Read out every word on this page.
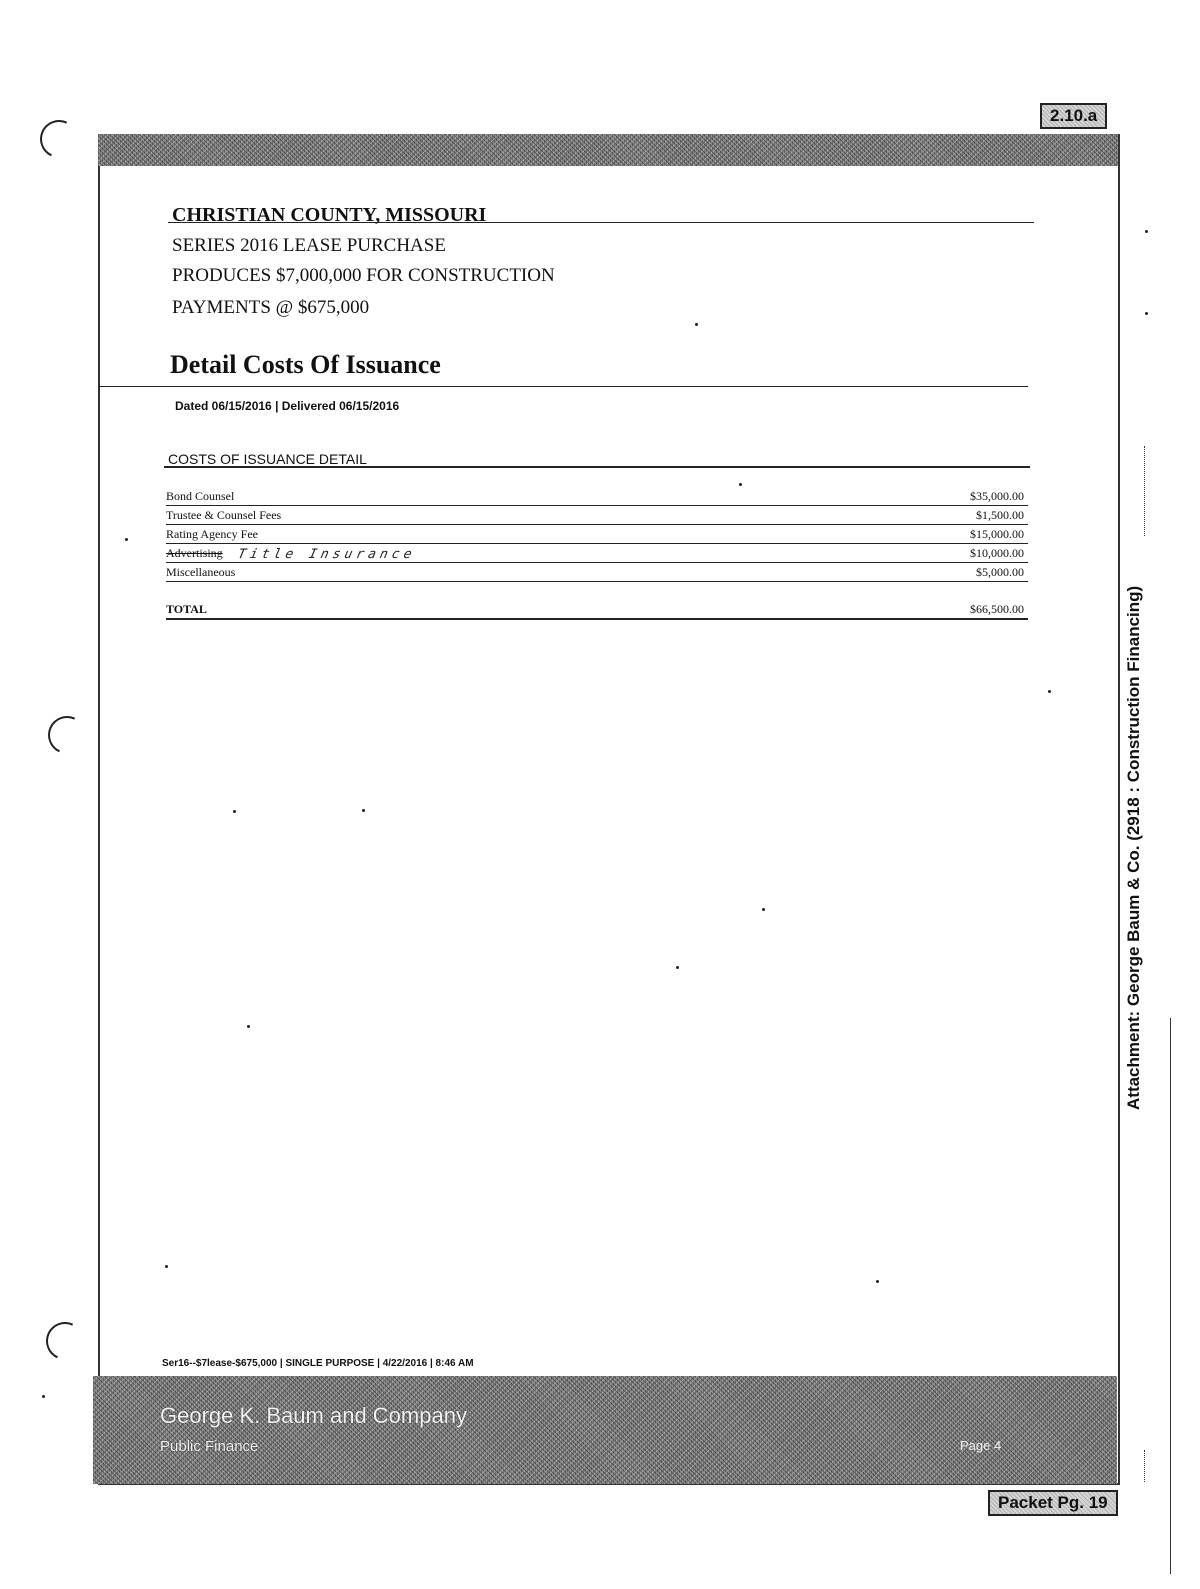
2.10.a
CHRISTIAN COUNTY, MISSOURI
SERIES 2016 LEASE PURCHASE
PRODUCES $7,000,000 FOR CONSTRUCTION
PAYMENTS @ $675,000
Detail Costs Of Issuance
Dated 06/15/2016 | Delivered 06/15/2016
COSTS OF ISSUANCE DETAIL
Bond Counsel	$35,000.00
Trustee & Counsel Fees	$1,500.00
Rating Agency Fee	$15,000.00
Advertising Title Insurance	$10,000.00
Miscellaneous	$5,000.00
TOTAL	$66,500.00
Ser16--$7lease-$675,000 | SINGLE PURPOSE | 4/22/2016 | 8:46 AM
George K. Baum and Company
Public Finance	Page 4
Packet Pg. 19
Attachment: George Baum & Co. (2918 : Construction Financing)
